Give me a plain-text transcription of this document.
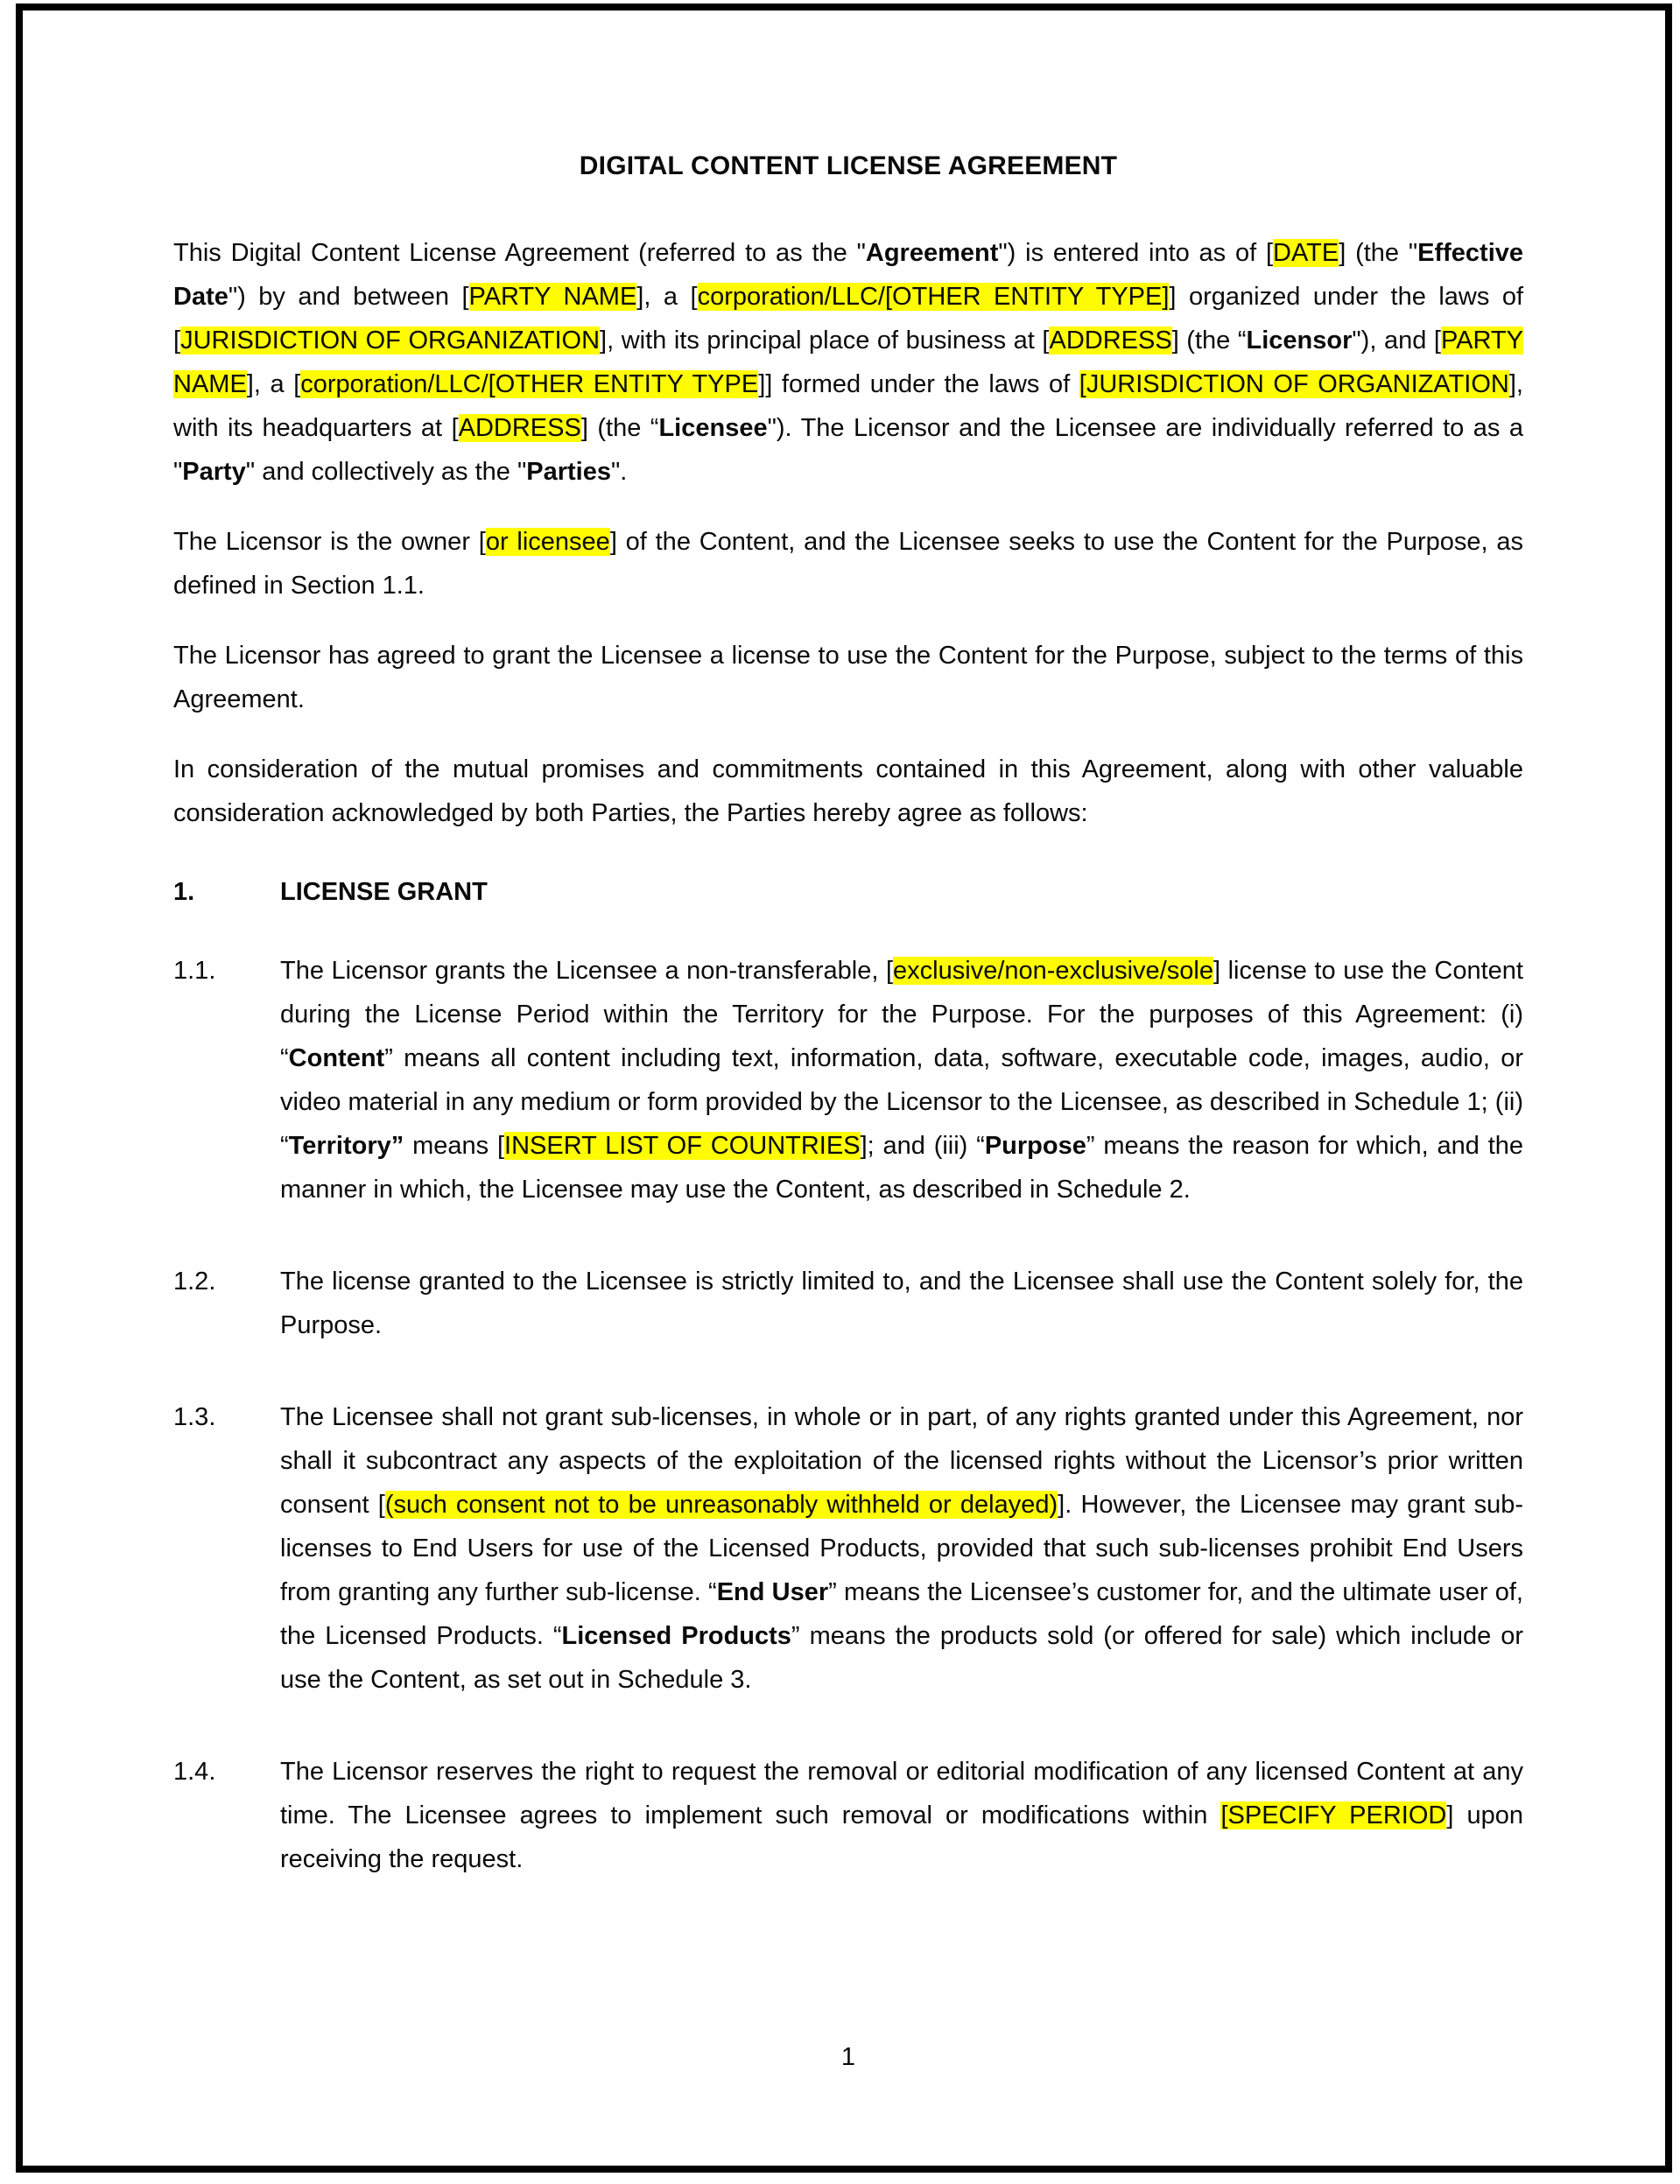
DIGITAL CONTENT LICENSE AGREEMENT

This Digital Content License Agreement (referred to as the "Agreement") is entered into as of [DATE] (the "Effective Date") by and between [PARTY NAME], a [corporation/LLC/[OTHER ENTITY TYPE]] organized under the laws of [JURISDICTION OF ORGANIZATION], with its principal place of business at [ADDRESS] (the “Licensor"), and [PARTY NAME], a [corporation/LLC/[OTHER ENTITY TYPE]] formed under the laws of [JURISDICTION OF ORGANIZATION], with its headquarters at [ADDRESS] (the “Licensee"). The Licensor and the Licensee are individually referred to as a "Party" and collectively as the "Parties".

The Licensor is the owner [or licensee] of the Content, and the Licensee seeks to use the Content for the Purpose, as defined in Section 1.1.

The Licensor has agreed to grant the Licensee a license to use the Content for the Purpose, subject to the terms of this Agreement.

In consideration of the mutual promises and commitments contained in this Agreement, along with other valuable consideration acknowledged by both Parties, the Parties hereby agree as follows:

1.	LICENSE GRANT
1.1.	The Licensor grants the Licensee a non-transferable, [exclusive/non-exclusive/sole] license to use the Content during the License Period within the Territory for the Purpose. For the purposes of this Agreement: (i) “Content” means all content including text, information, data, software, executable code, images, audio, or video material in any medium or form provided by the Licensor to the Licensee, as described in Schedule 1; (ii) “Territory” means [INSERT LIST OF COUNTRIES]; and (iii) “Purpose” means the reason for which, and the manner in which, the Licensee may use the Content, as described in Schedule 2.
1.2.	The license granted to the Licensee is strictly limited to, and the Licensee shall use the Content solely for, the Purpose.
1.3.	The Licensee shall not grant sub-licenses, in whole or in part, of any rights granted under this Agreement, nor shall it subcontract any aspects of the exploitation of the licensed rights without the Licensor’s prior written consent [(such consent not to be unreasonably withheld or delayed)]. However, the Licensee may grant sub-licenses to End Users for use of the Licensed Products, provided that such sub-licenses prohibit End Users from granting any further sub-license. “End User” means the Licensee’s customer for, and the ultimate user of, the Licensed Products. “Licensed Products” means the products sold (or offered for sale) which include or use the Content, as set out in Schedule 3.
1.4.	The Licensor reserves the right to request the removal or editorial modification of any licensed Content at any time. The Licensee agrees to implement such removal or modifications within [SPECIFY PERIOD] upon receiving the request.
1
